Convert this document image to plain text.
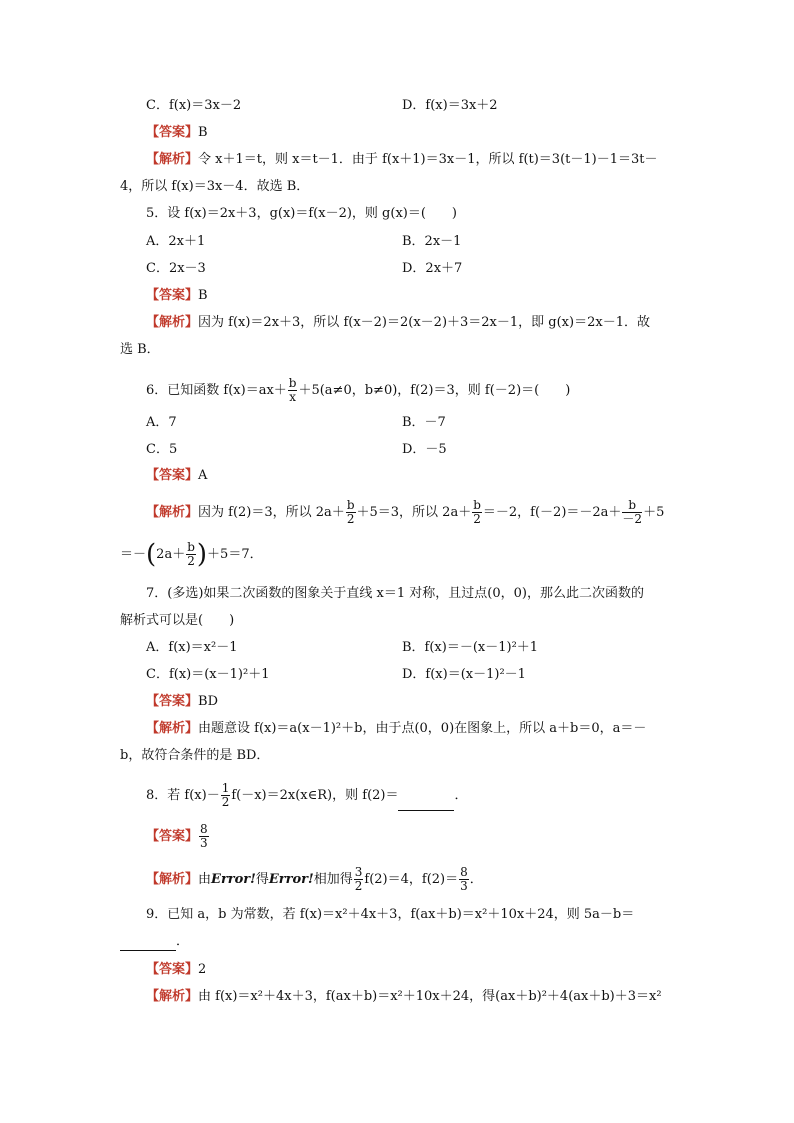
C．f(x)＝3x－2	D．f(x)＝3x＋2
【答案】B
【解析】令 x＋1＝t，则 x＝t－1．由于 f(x＋1)＝3x－1，所以 f(t)＝3(t－1)－1＝3t－
4，所以 f(x)＝3x－4．故选 B．
5．设 f(x)＝2x＋3，g(x)＝f(x－2)，则 g(x)＝(　　)
A．2x＋1	B．2x－1
C．2x－3	D．2x＋7
【答案】B
【解析】因为 f(x)＝2x＋3，所以 f(x－2)＝2(x－2)＋3＝2x－1，即 g(x)＝2x－1．故
选 B．
6．已知函数 $f(x)=ax+ \frac{b}{x} +5(a\ne 0$，b≠0)，f(2)＝3，则 f(－2)＝(　　)
A．7	B．－7
C．5	D．－5
【答案】A
【解析】因为 f(2)＝3，所以 $2a+ \frac{b}{2} +5=3$，所以 $2a+ \frac{b}{2} =-2$，$f(-2)=-2a+ \frac{b}{-2} +5$
$=-(2a+ \frac{b}{2} )+5=7$．
7．(多选)如果二次函数的图象关于直线 x＝1 对称，且过点(0，0)，那么此二次函数的
解析式可以是(　　)
A．f(x)＝x²－1	B．f(x)＝－(x－1)²＋1
C．f(x)＝(x－1)²＋1	D．f(x)＝(x－1)²－1
【答案】BD
【解析】由题意设 f(x)＝a(x－1)²＋b，由于点(0，0)在图象上，所以 a＋b＝0，a＝－
b，故符合条件的是 BD．
8．若 $f(x)- \frac{1}{2}$ f(－x)＝2x(x∈R)，则 f(2)＝	．
【答案】 $\frac{8}{3}$
【解析】由Error!得Error!相加得 $\frac{3}{2} f(2)=4$，$f(2)= \frac{8}{3}$ ．
9．已知 a，b 为常数，若 f(x)＝x²＋4x＋3，f(ax＋b)＝x²＋10x＋24，则 5a－b＝
．
【答案】2
【解析】由 f(x)＝x²＋4x＋3，f(ax＋b)＝x²＋10x＋24，得(ax＋b)²＋4(ax＋b)＋3＝x²
